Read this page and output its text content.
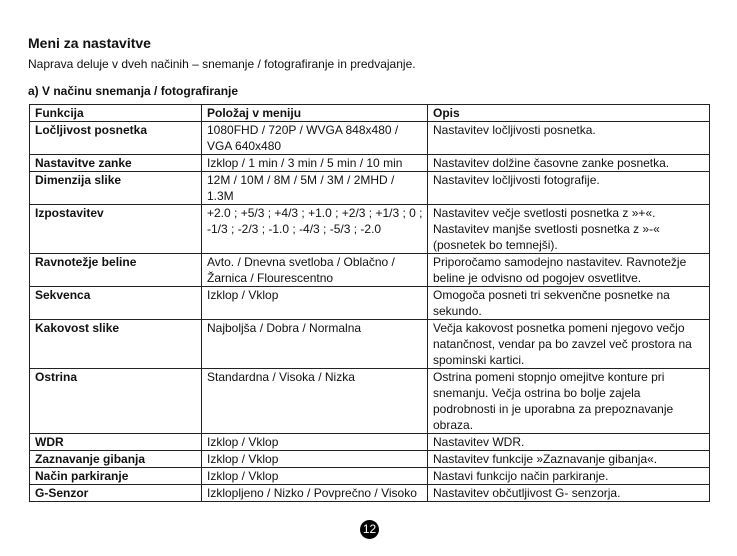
Meni za nastavitve
Naprava deluje v dveh načinih – snemanje / fotografiranje in predvajanje.
a) V načinu snemanja / fotografiranje
Funkcija	Položaj v meniju	Opis
Ločljivost posnetka	1080FHD / 720P / WVGA 848x480 / VGA 640x480	Nastavitev ločljivosti posnetka.
Nastavitve zanke	Izklop / 1 min / 3 min / 5 min / 10 min	Nastavitev dolžine časovne zanke posnetka.
Dimenzija slike	12M / 10M / 8M / 5M / 3M / 2MHD / 1.3M	Nastavitev ločljivosti fotografije.
Izpostavitev	+2.0 ; +5/3 ; +4/3 ; +1.0 ; +2/3 ; +1/3 ; 0 ; -1/3 ; -2/3 ; -1.0 ; -4/3 ; -5/3 ; -2.0	Nastavitev večje svetlosti posnetka z »+«. Nastavitev manjše svetlosti posnetka z »-« (posnetek bo temnejši).
Ravnotežje beline	Avto. / Dnevna svetloba / Oblačno / Žarnica / Flourescentno	Priporočamo samodejno nastavitev. Ravnotežje beline je odvisno od pogojev osvetlitve.
Sekvenca	Izklop / Vklop	Omogoča posneti tri sekvenčne posnetke na sekundo.
Kakovost slike	Najboljša / Dobra / Normalna	Večja kakovost posnetka pomeni njegovo večjo natančnost, vendar pa bo zavzel več prostora na spominski kartici.
Ostrina	Standardna / Visoka / Nizka	Ostrina pomeni stopnjo omejitve konture pri snemanju. Večja ostrina bo bolje zajela podrobnosti in je uporabna za prepoznavanje obraza.
WDR	Izklop / Vklop	Nastavitev WDR.
Zaznavanje gibanja	Izklop / Vklop	Nastavitev funkcije »Zaznavanje gibanja«.
Način parkiranje	Izklop / Vklop	Nastavi funkcijo način parkiranje.
G-Senzor	Izklopljeno / Nizko / Povprečno / Visoko	Nastavitev občutljivost G- senzorja.
12
